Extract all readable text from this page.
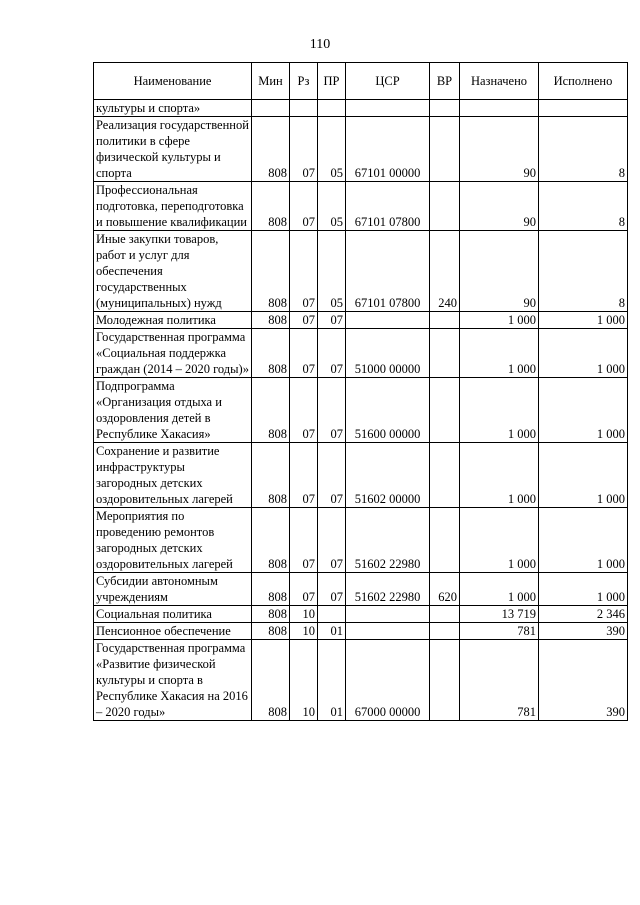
110
Наименование	Мин	Рз	ПР	ЦСР	ВР	Назначено	Исполнено
культуры и спорта»							
Реализация государственной политики в сфере физической культуры и спорта	808	07	05	67101 00000		90	8
Профессиональная подготовка, переподготовка и повышение квалификации	808	07	05	67101 07800		90	8
Иные закупки товаров, работ и услуг для обеспечения государственных (муниципальных) нужд	808	07	05	67101 07800	240	90	8
Молодежная политика	808	07	07			1 000	1 000
Государственная программа «Социальная поддержка граждан (2014 – 2020 годы)»	808	07	07	51000 00000		1 000	1 000
Подпрограмма «Организация отдыха и оздоровления детей в Республике Хакасия»	808	07	07	51600 00000		1 000	1 000
Сохранение и развитие инфраструктуры загородных детских оздоровительных лагерей	808	07	07	51602 00000		1 000	1 000
Мероприятия по проведению ремонтов загородных детских оздоровительных лагерей	808	07	07	51602 22980		1 000	1 000
Субсидии автономным учреждениям	808	07	07	51602 22980	620	1 000	1 000
Социальная политика	808	10				13 719	2 346
Пенсионное обеспечение	808	10	01			781	390
Государственная программа «Развитие физической культуры и спорта в Республике Хакасия на 2016 – 2020 годы»	808	10	01	67000 00000		781	390
